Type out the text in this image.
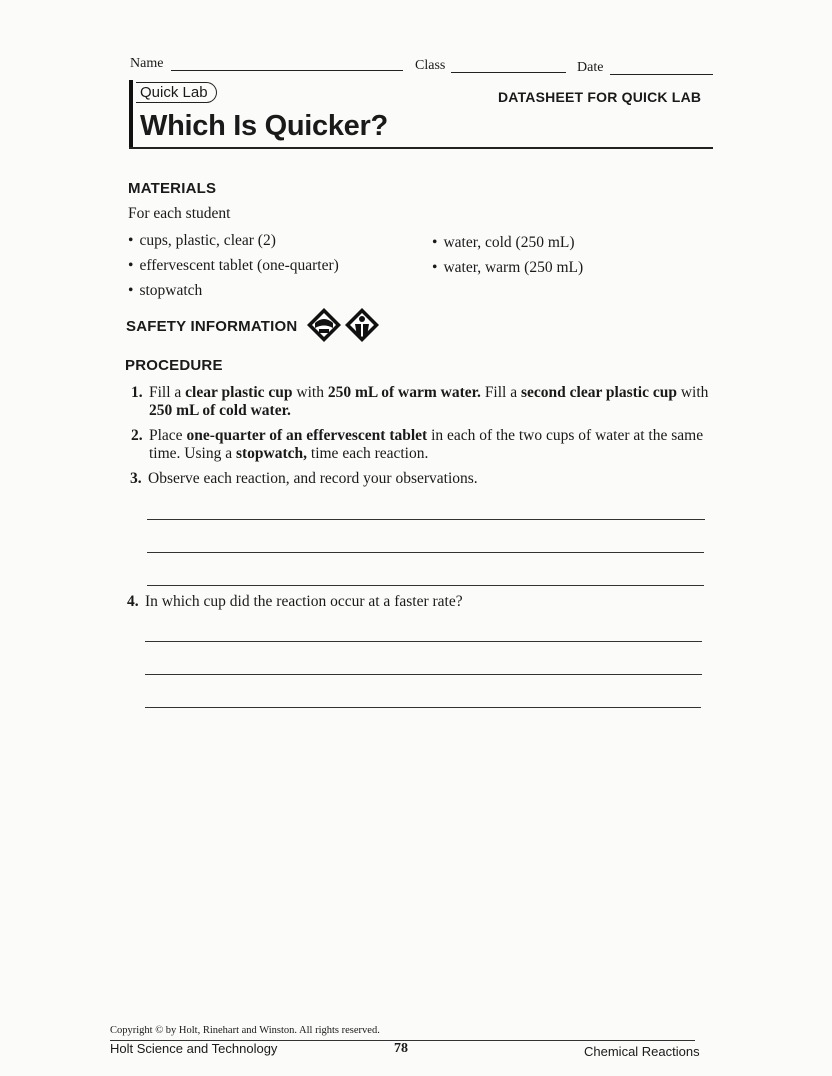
Name	Class	Date
Quick Lab	DATASHEET FOR QUICK LAB
Which Is Quicker?
MATERIALS
For each student
• cups, plastic, clear (2)
• effervescent tablet (one-quarter)
• stopwatch
• water, cold (250 mL)
• water, warm (250 mL)
SAFETY INFORMATION
PROCEDURE
1. Fill a clear plastic cup with 250 mL of warm water. Fill a second clear plastic cup with 250 mL of cold water.
2. Place one-quarter of an effervescent tablet in each of the two cups of water at the same time. Using a stopwatch, time each reaction.
3. Observe each reaction, and record your observations.
4. In which cup did the reaction occur at a faster rate?
Copyright © by Holt, Rinehart and Winston. All rights reserved.
Holt Science and Technology	78	Chemical Reactions
